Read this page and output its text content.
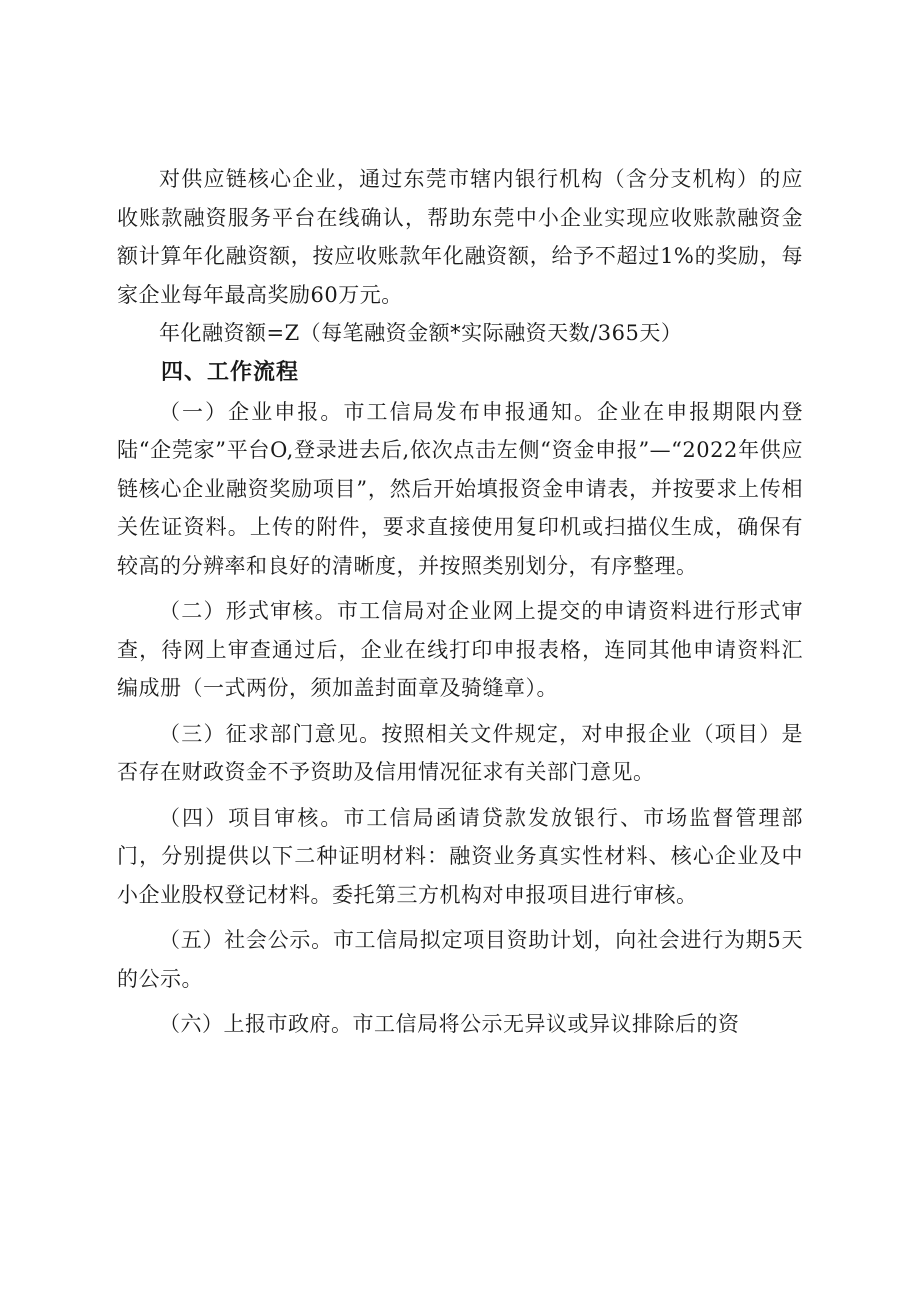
对供应链核心企业，通过东莞市辖内银行机构（含分支机构）的应收账款融资服务平台在线确认，帮助东莞中小企业实现应收账款融资金额计算年化融资额，按应收账款年化融资额，给予不超过1%的奖励，每家企业每年最高奖励60万元。

年化融资额=Z（每笔融资金额*实际融资天数/365天）

四、工作流程

（一）企业申报。市工信局发布申报通知。企业在申报期限内登陆“企莞家”平台O,登录进去后,依次点击左侧“资金申报”—“2022年供应链核心企业融资奖励项目”，然后开始填报资金申请表，并按要求上传相关佐证资料。上传的附件，要求直接使用复印机或扫描仪生成，确保有较高的分辨率和良好的清晰度，并按照类别划分，有序整理。

（二）形式审核。市工信局对企业网上提交的申请资料进行形式审查，待网上审查通过后，企业在线打印申报表格，连同其他申请资料汇编成册（一式两份，须加盖封面章及骑缝章）。

（三）征求部门意见。按照相关文件规定，对申报企业（项目）是否存在财政资金不予资助及信用情况征求有关部门意见。

（四）项目审核。市工信局函请贷款发放银行、市场监督管理部门，分别提供以下二种证明材料：融资业务真实性材料、核心企业及中小企业股权登记材料。委托第三方机构对申报项目进行审核。

（五）社会公示。市工信局拟定项目资助计划，向社会进行为期5天的公示。

（六）上报市政府。市工信局将公示无异议或异议排除后的资
